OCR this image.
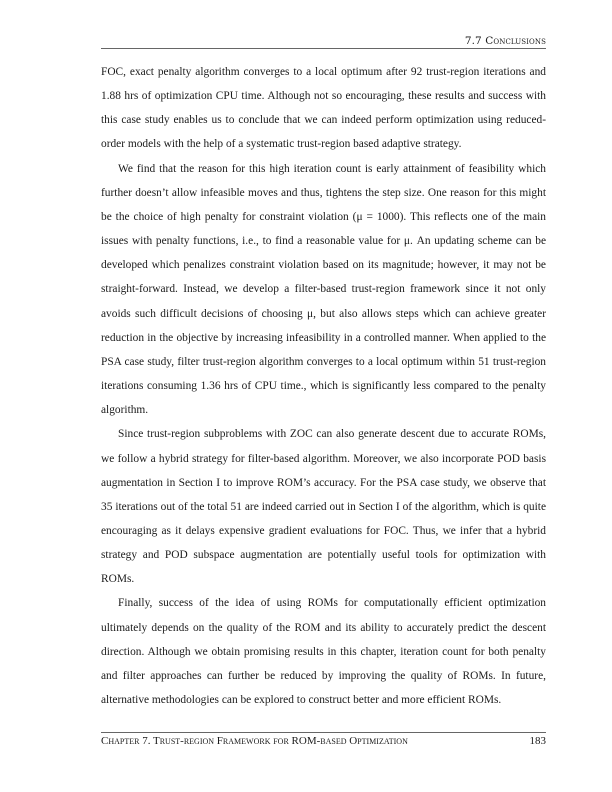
7.7 Conclusions

FOC, exact penalty algorithm converges to a local optimum after 92 trust-region iterations and 1.88 hrs of optimization CPU time. Although not so encouraging, these results and success with this case study enables us to conclude that we can indeed perform optimization using reduced-order models with the help of a systematic trust-region based adaptive strategy.

We find that the reason for this high iteration count is early attainment of feasibility which further doesn’t allow infeasible moves and thus, tightens the step size. One reason for this might be the choice of high penalty for constraint violation (μ = 1000). This reflects one of the main issues with penalty functions, i.e., to find a reasonable value for μ. An updating scheme can be developed which penalizes constraint violation based on its magnitude; however, it may not be straight-forward. Instead, we develop a filter-based trust-region framework since it not only avoids such difficult decisions of choosing μ, but also allows steps which can achieve greater reduction in the objective by increasing infeasibility in a controlled manner. When applied to the PSA case study, filter trust-region algorithm converges to a local optimum within 51 trust-region iterations consuming 1.36 hrs of CPU time., which is significantly less compared to the penalty algorithm.

Since trust-region subproblems with ZOC can also generate descent due to accurate ROMs, we follow a hybrid strategy for filter-based algorithm. Moreover, we also incorporate POD basis augmentation in Section I to improve ROM’s accuracy. For the PSA case study, we observe that 35 iterations out of the total 51 are indeed carried out in Section I of the algorithm, which is quite encouraging as it delays expensive gradient evaluations for FOC. Thus, we infer that a hybrid strategy and POD subspace augmentation are potentially useful tools for optimization with ROMs.

Finally, success of the idea of using ROMs for computationally efficient optimization ultimately depends on the quality of the ROM and its ability to accurately predict the descent direction. Although we obtain promising results in this chapter, iteration count for both penalty and filter approaches can further be reduced by improving the quality of ROMs. In future, alternative methodologies can be explored to construct better and more efficient ROMs.

Chapter 7. Trust-region Framework for ROM-based Optimization	183
